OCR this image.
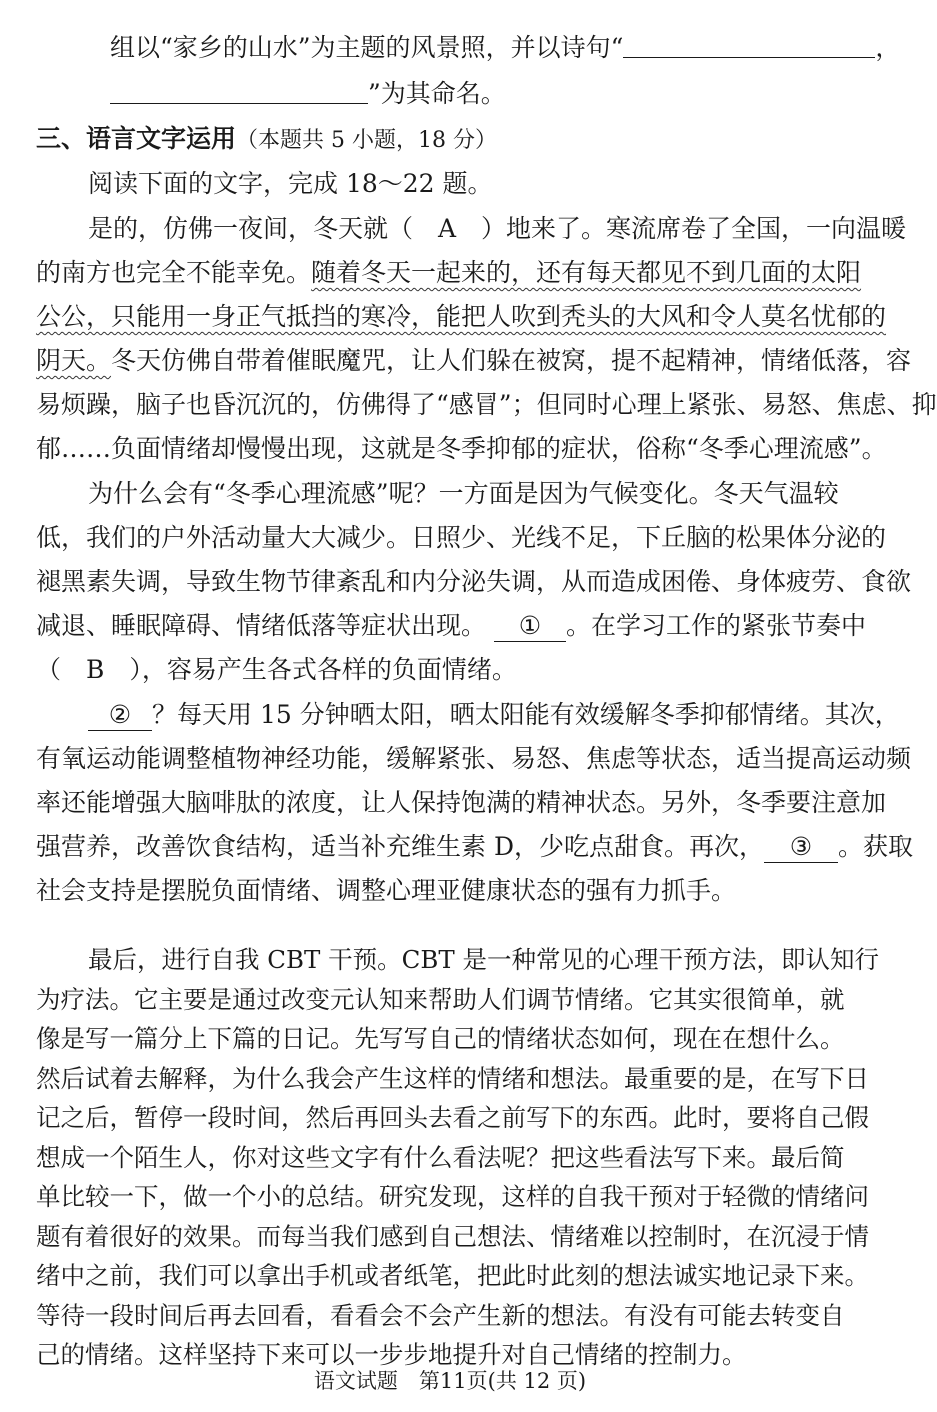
组以“家乡的山水”为主题的风景照，并以诗句“	，
”为其命名。
三、语言文字运用（本题共 5 小题，18 分）
阅读下面的文字，完成 18～22 题。
是的，仿佛一夜间，冬天就（　A　）地来了。寒流席卷了全国，一向温暖
的南方也完全不能幸免。随着冬天一起来的，还有每天都见不到几面的太阳
公公，只能用一身正气抵挡的寒冷，能把人吹到秃头的大风和令人莫名忧郁的
阴天。冬天仿佛自带着催眠魔咒，让人们躲在被窝，提不起精神，情绪低落，容
易烦躁，脑子也昏沉沉的，仿佛得了“感冒”；但同时心理上紧张、易怒、焦虑、抑
郁……负面情绪却慢慢出现，这就是冬季抑郁的症状，俗称“冬季心理流感”。
为什么会有“冬季心理流感”呢？一方面是因为气候变化。冬天气温较
低，我们的户外活动量大大减少。日照少、光线不足，下丘脑的松果体分泌的
褪黑素失调，导致生物节律紊乱和内分泌失调，从而造成困倦、身体疲劳、食欲
减退、睡眠障碍、情绪低落等症状出现。 ① 。在学习工作的紧张节奏中
（　B　），容易产生各式各样的负面情绪。
② ？每天用 15 分钟晒太阳，晒太阳能有效缓解冬季抑郁情绪。其次，
有氧运动能调整植物神经功能，缓解紧张、易怒、焦虑等状态，适当提高运动频
率还能增强大脑啡肽的浓度，让人保持饱满的精神状态。另外，冬季要注意加
强营养，改善饮食结构，适当补充维生素 D，少吃点甜食。再次， ③ 。获取
社会支持是摆脱负面情绪、调整心理亚健康状态的强有力抓手。
最后，进行自我 CBT 干预。CBT 是一种常见的心理干预方法，即认知行
为疗法。它主要是通过改变元认知来帮助人们调节情绪。它其实很简单，就
像是写一篇分上下篇的日记。先写写自己的情绪状态如何，现在在想什么。
然后试着去解释，为什么我会产生这样的情绪和想法。最重要的是，在写下日
记之后，暂停一段时间，然后再回头去看之前写下的东西。此时，要将自己假
想成一个陌生人，你对这些文字有什么看法呢？把这些看法写下来。最后简
单比较一下，做一个小的总结。研究发现，这样的自我干预对于轻微的情绪问
题有着很好的效果。而每当我们感到自己想法、情绪难以控制时，在沉浸于情
绪中之前，我们可以拿出手机或者纸笔，把此时此刻的想法诚实地记录下来。
语文试题　第11页(共 12 页)
等待一段时间后再去回看，看看会不会产生新的想法。有没有可能去转变自
己的情绪。这样坚持下来可以一步步地提升对自己情绪的控制力。
